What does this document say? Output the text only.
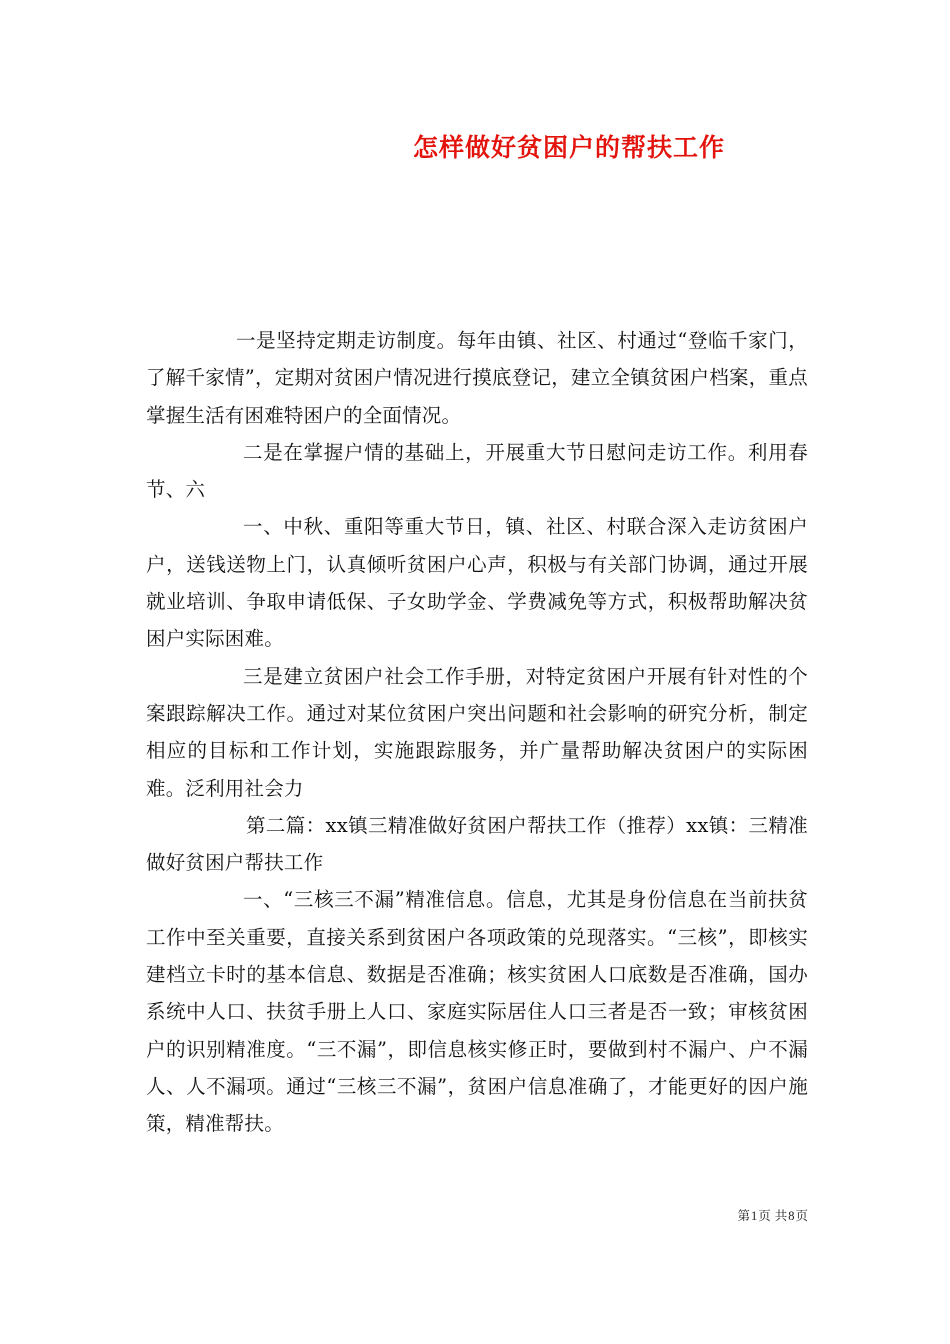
怎样做好贫困户的帮扶工作

一是坚持定期走访制度。每年由镇、社区、村通过“登临千家门，了解千家情”，定期对贫困户情况进行摸底登记，建立全镇贫困户档案，重点掌握生活有困难特困户的全面情况。

二是在掌握户情的基础上，开展重大节日慰问走访工作。利用春节、六

一、中秋、重阳等重大节日，镇、社区、村联合深入走访贫困户户，送钱送物上门，认真倾听贫困户心声，积极与有关部门协调，通过开展就业培训、争取申请低保、子女助学金、学费减免等方式，积极帮助解决贫困户实际困难。

三是建立贫困户社会工作手册，对特定贫困户开展有针对性的个案跟踪解决工作。通过对某位贫困户突出问题和社会影响的研究分析，制定相应的目标和工作计划，实施跟踪服务，并广量帮助解决贫困户的实际困难。泛利用社会力

第二篇：xx镇三精准做好贫困户帮扶工作（推荐）xx镇：三精准做好贫困户帮扶工作

一、“三核三不漏”精准信息。信息，尤其是身份信息在当前扶贫工作中至关重要，直接关系到贫困户各项政策的兑现落实。“三核”，即核实建档立卡时的基本信息、数据是否准确；核实贫困人口底数是否准确，国办系统中人口、扶贫手册上人口、家庭实际居住人口三者是否一致；审核贫困户的识别精准度。“三不漏”，即信息核实修正时，要做到村不漏户、户不漏人、人不漏项。通过“三核三不漏”，贫困户信息准确了，才能更好的因户施策，精准帮扶。

第1页 共8页
